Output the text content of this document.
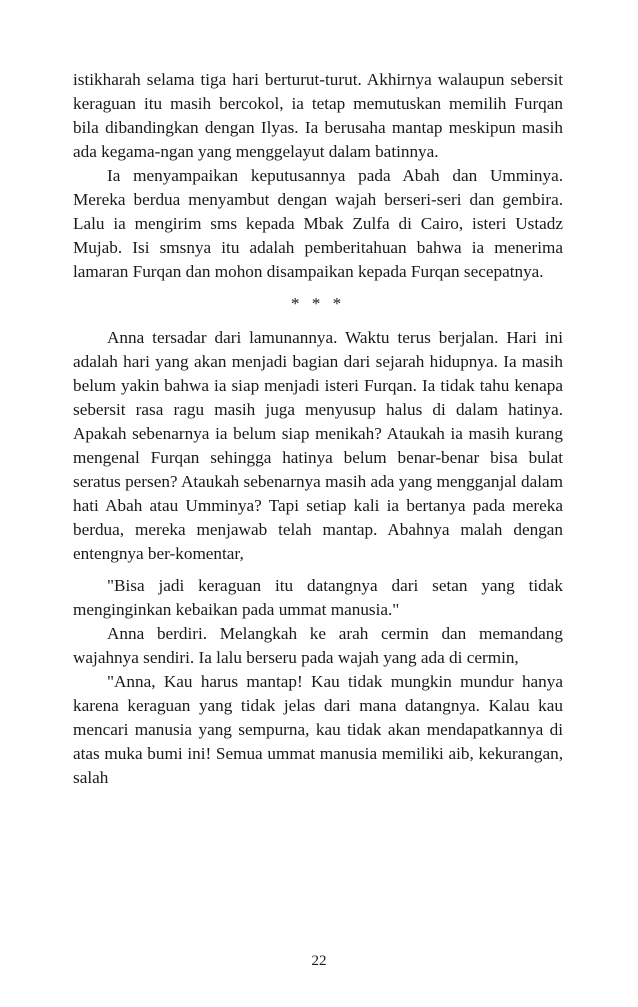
istikharah selama tiga hari berturut-turut. Akhirnya walaupun sebersit keraguan itu masih bercokol, ia tetap memutuskan memilih Furqan bila dibandingkan dengan Ilyas. Ia berusaha mantap meskipun masih ada kegama-ngan yang menggelayut dalam batinnya.

Ia menyampaikan keputusannya pada Abah dan Umminya. Mereka berdua menyambut dengan wajah berseri-seri dan gembira. Lalu ia mengirim sms kepada Mbak Zulfa di Cairo, isteri Ustadz Mujab. Isi smsnya itu adalah pemberitahuan bahwa ia menerima lamaran Furqan dan mohon disampaikan kepada Furqan secepatnya.

* * *

Anna tersadar dari lamunannya. Waktu terus berjalan. Hari ini adalah hari yang akan menjadi bagian dari sejarah hidupnya. Ia masih belum yakin bahwa ia siap menjadi isteri Furqan. Ia tidak tahu kenapa sebersit rasa ragu masih juga menyusup halus di dalam hatinya. Apakah sebenarnya ia belum siap menikah? Ataukah ia masih kurang mengenal Furqan sehingga hatinya belum benar-benar bisa bulat seratus persen? Ataukah sebenarnya masih ada yang mengganjal dalam hati Abah atau Umminya? Tapi setiap kali ia bertanya pada mereka berdua, mereka menjawab telah mantap. Abahnya malah dengan entengnya ber-komentar,

"Bisa jadi keraguan itu datangnya dari setan yang tidak menginginkan kebaikan pada ummat manusia."

Anna berdiri. Melangkah ke arah cermin dan memandang wajahnya sendiri. Ia lalu berseru pada wajah yang ada di cermin,

"Anna, Kau harus mantap! Kau tidak mungkin mundur hanya karena keraguan yang tidak jelas dari mana datangnya. Kalau kau mencari manusia yang sempurna, kau tidak akan mendapatkannya di atas muka bumi ini! Semua ummat manusia memiliki aib, kekurangan, salah

22
